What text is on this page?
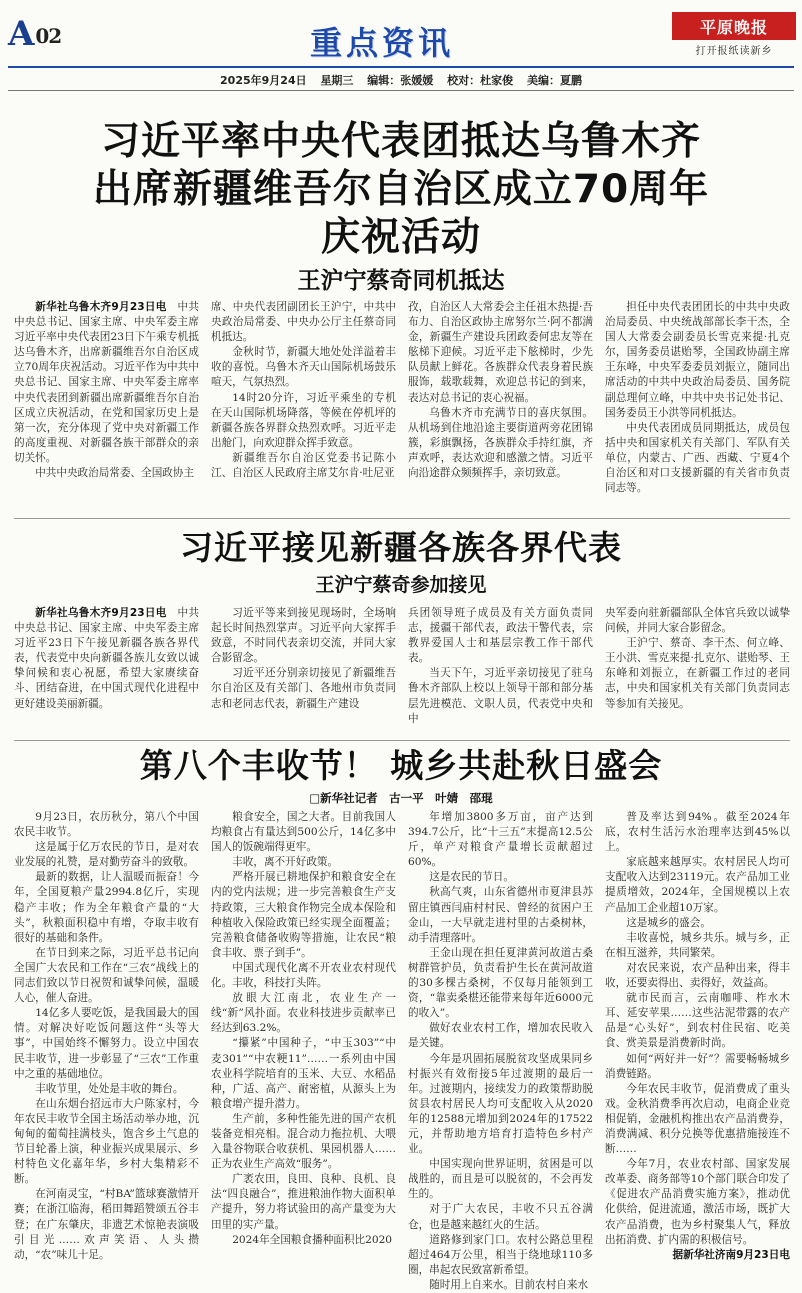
A 02	重点资讯	平原晚报
打开报纸读新乡
2025年9月24日 星期三 编辑：张媛媛 校对：杜家俊 美编：夏鹏
习近平率中央代表团抵达乌鲁木齐
出席新疆维吾尔自治区成立70周年
庆祝活动
王沪宁蔡奇同机抵达

新华社乌鲁木齐9月23日电　 中共中央总书记、国家主席、中央军委主席习近平率中央代表团23日下午乘专机抵达乌鲁木齐，出席新疆维吾尔自治区成立70周年庆祝活动。习近平作为中共中央总书记、国家主席、中央军委主席率中央代表团到新疆出席新疆维吾尔自治区成立庆祝活动，在党和国家历史上是第一次，充分体现了党中央对新疆工作的高度重视、对新疆各族干部群众的亲切关怀。

中共中央政治局常委、全国政协主

席、中央代表团副团长王沪宁，中共中央政治局常委、中央办公厅主任蔡奇同机抵达。

金秋时节，新疆大地处处洋溢着丰收的喜悦。乌鲁木齐天山国际机场鼓乐喧天，气氛热烈。

14时20分许，习近平乘坐的专机在天山国际机场降落，等候在停机坪的新疆各族各界群众热烈欢呼。习近平走出舱门，向欢迎群众挥手致意。

新疆维吾尔自治区党委书记陈小江、自治区人民政府主席艾尔肯·吐尼亚

孜，自治区人大常委会主任祖木热提·吾布力、自治区政协主席努尔兰·阿不都满金，新疆生产建设兵团政委何忠友等在舷梯下迎候。习近平走下舷梯时，少先队员献上鲜花。各族群众代表身着民族服饰，载歌载舞，欢迎总书记的到来，表达对总书记的衷心祝福。

乌鲁木齐市充满节日的喜庆氛围。从机场到住地沿途主要街道两旁花团锦簇，彩旗飘扬，各族群众手持红旗，齐声欢呼，表达欢迎和感激之情。习近平向沿途群众频频挥手，亲切致意。

担任中央代表团团长的中共中央政治局委员、中央统战部部长李干杰，全国人大常委会副委员长雪克来提·扎克尔，国务委员谌贻琴，全国政协副主席王东峰，中央军委委员刘振立，随同出席活动的中共中央政治局委员、国务院副总理何立峰，中共中央书记处书记、国务委员王小洪等同机抵达。

中央代表团成员同期抵达，成员包括中央和国家机关有关部门、军队有关单位，内蒙古、广西、西藏、宁夏4个自治区和对口支援新疆的有关省市负责同志等。

习近平接见新疆各族各界代表
王沪宁蔡奇参加接见

新华社乌鲁木齐9月23日电　 中共中央总书记、国家主席、中央军委主席习近平23日下午接见新疆各族各界代表，代表党中央向新疆各族儿女致以诚挚问候和衷心祝愿，希望大家赓续奋斗、团结奋进，在中国式现代化进程中更好建设美丽新疆。

习近平等来到接见现场时，全场响起长时间热烈掌声。习近平向大家挥手致意，不时同代表亲切交流，并同大家合影留念。

习近平还分别亲切接见了新疆维吾尔自治区及有关部门、各地州市负责同志和老同志代表，新疆生产建设

兵团领导班子成员及有关方面负责同志，援疆干部代表，政法干警代表，宗教界爱国人士和基层宗教工作干部代表。

当天下午，习近平亲切接见了驻乌鲁木齐部队上校以上领导干部和部分基层先进模范、文职人员，代表党中央和中

央军委向驻新疆部队全体官兵致以诚挚问候，并同大家合影留念。

王沪宁、蔡奇、李干杰、何立峰、王小洪、雪克来提·扎克尔、谌贻琴、王东峰和刘振立，在新疆工作过的老同志，中央和国家机关有关部门负责同志等参加有关接见。

第八个丰收节！ 城乡共赴秋日盛会
□新华社记者　古一平　叶婧　邵琨

9月23日，农历秋分，第八个中国农民丰收节。

这是属于亿万农民的节日，是对农业发展的礼赞，是对勤劳奋斗的致敬。

最新的数据，让人温暖而振奋！今年，全国夏粮产量2994.8亿斤，实现稳产丰收；作为全年粮食产量的“大头”，秋粮面积稳中有增，夺取丰收有很好的基础和条件。

在节日到来之际，习近平总书记向全国广大农民和工作在“三农”战线上的同志们致以节日祝贺和诚挚问候，温暖人心，催人奋进。

14亿多人要吃饭，是我国最大的国情。对解决好吃饭问题这件“头等大事”，中国始终不懈努力。设立中国农民丰收节，进一步彰显了“三农”工作重中之重的基础地位。

丰收节里，处处是丰收的舞台。

在山东烟台招远市大户陈家村，今年农民丰收节全国主场活动举办地，沉甸甸的葡萄挂满枝头，饱含乡土气息的节目轮番上演，种业振兴成果展示、乡村特色文化嘉年华，乡村大集精彩不断。

在河南灵宝，“村BA”篮球赛激情开赛；在浙江临海，稻田舞蹈赞颂五谷丰登；在广东肇庆，非遗艺术惊艳表演吸引目光……欢声笑语、人头攒动，“农”味儿十足。

粮食安全，国之大者。目前我国人均粮食占有量达到500公斤，14亿多中国人的饭碗端得更牢。

丰收，离不开好政策。

严格开展已耕地保护和粮食安全在内的党内法规；进一步完善粮食生产支持政策，三大粮食作物完全成本保险和种植收入保险政策已经实现全面覆盖；完善粮食储备收购等措施，让农民“粮食丰收、票子到手”。

中国式现代化离不开农业农村现代化。丰收，科技打头阵。

放眼大江南北，农业生产一线“新”风扑面。农业科技进步贡献率已经达到63.2%。

“攥紧”中国种子，“中玉303”“中麦301”“中农粳11”……一系列由中国农业科学院培育的玉米、大豆、水稻品种，广适、高产、耐密植，从源头上为粮食增产提升潜力。

生产前，多种性能先进的国产农机装备竞相亮相。混合动力拖拉机、大喂入量谷物联合收获机、果园机器人……正为农业生产高效“服务”。

广袤农田，良田、良种、良机、良法“四良融合”，推进粮油作物大面积单产提升，努力将试验田的高产量变为大田里的实产量。

2024年全国粮食播种面积比2020

年增加3800多万亩，亩产达到394.7公斤，比“十三五”末提高12.5公斤，单产对粮食产量增长贡献超过60%。

这是农民的节日。

秋高气爽，山东省德州市夏津县苏留庄镇西闫庙村村民、曾经的贫困户王金山，一大早就走进村里的古桑树林，动手清理落叶。

王金山现在担任夏津黄河故道古桑树群管护员，负责看护生长在黄河故道的30多棵古桑树，不仅每月能领到工资，“靠卖桑椹还能带来每年近6000元的收入”。

做好农业农村工作，增加农民收入是关键。

今年是巩固拓展脱贫攻坚成果同乡村振兴有效衔接5年过渡期的最后一年。过渡期内，接续发力的政策帮助脱贫县农村居民人均可支配收入从2020年的12588元增加到2024年的17522元，并帮助地方培育打造特色乡村产业。

中国实现向世界证明，贫困是可以战胜的，而且是可以脱贫的，不会再发生的。

对于广大农民，丰收不只五谷满仓，也是越来越红火的生活。

道路修到家门口。农村公路总里程超过464万公里，相当于绕地球110多圈，串起农民致富新希望。

随时用上自来水。目前农村自来水

普及率达到94%。截至2024年底，农村生活污水治理率达到45%以上。

家底越来越厚实。农村居民人均可支配收入达到23119元。农产品加工业提质增效，2024年，全国规模以上农产品加工企业超10万家。

这是城乡的盛会。

丰收喜悦，城乡共乐。城与乡，正在相互滋养，共同繁荣。

对农民来说，农产品种出来，得丰收，还要卖得出、卖得好，效益高。

就市民而言，云南咖啡、柞水木耳、延安苹果……这些沾泥带露的农产品是“心头好”，到农村住民宿、吃美食、赏美景是消费新时尚。

如何“两好并一好”？需要畅畅城乡消费链路。

今年农民丰收节，促消费成了重头戏。金秋消费季再次启动，电商企业竞相促销，金融机构推出农产品消费券，消费满减、积分兑换等优惠措施接连不断……

今年7月，农业农村部、国家发展改革委、商务部等10个部门联合印发了《促进农产品消费实施方案》，推动优化供给，促进流通，激活市场，既扩大农产品消费，也为乡村聚集人气，释放出拓消费、扩内需的积极信号。

据新华社济南9月23日电
